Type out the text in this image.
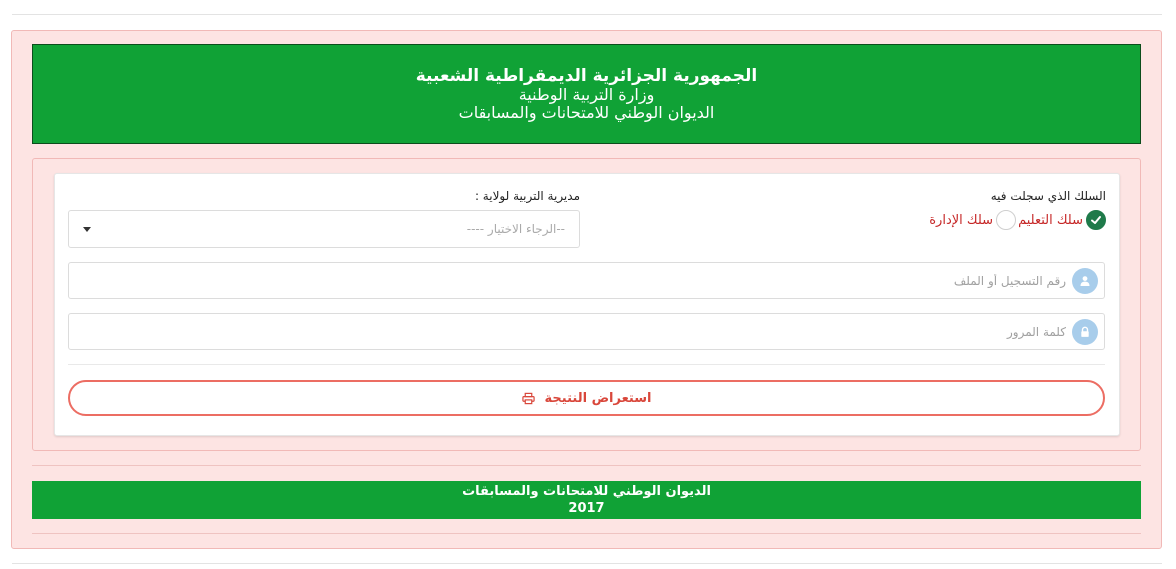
الجمهورية الجزائرية الديمقراطية الشعبية
وزارة التربية الوطنية
الديوان الوطني للامتحانات والمسابقات
السلك الذي سجلت فيه
مديرية التربية لولاية :
سلك التعليم
سلك الإدارة
--الرجاء الاختيار ----
رقم التسجيل أو الملف
استعراض النتيجة
الديوان الوطني للامتحانات والمسابقات
2017
